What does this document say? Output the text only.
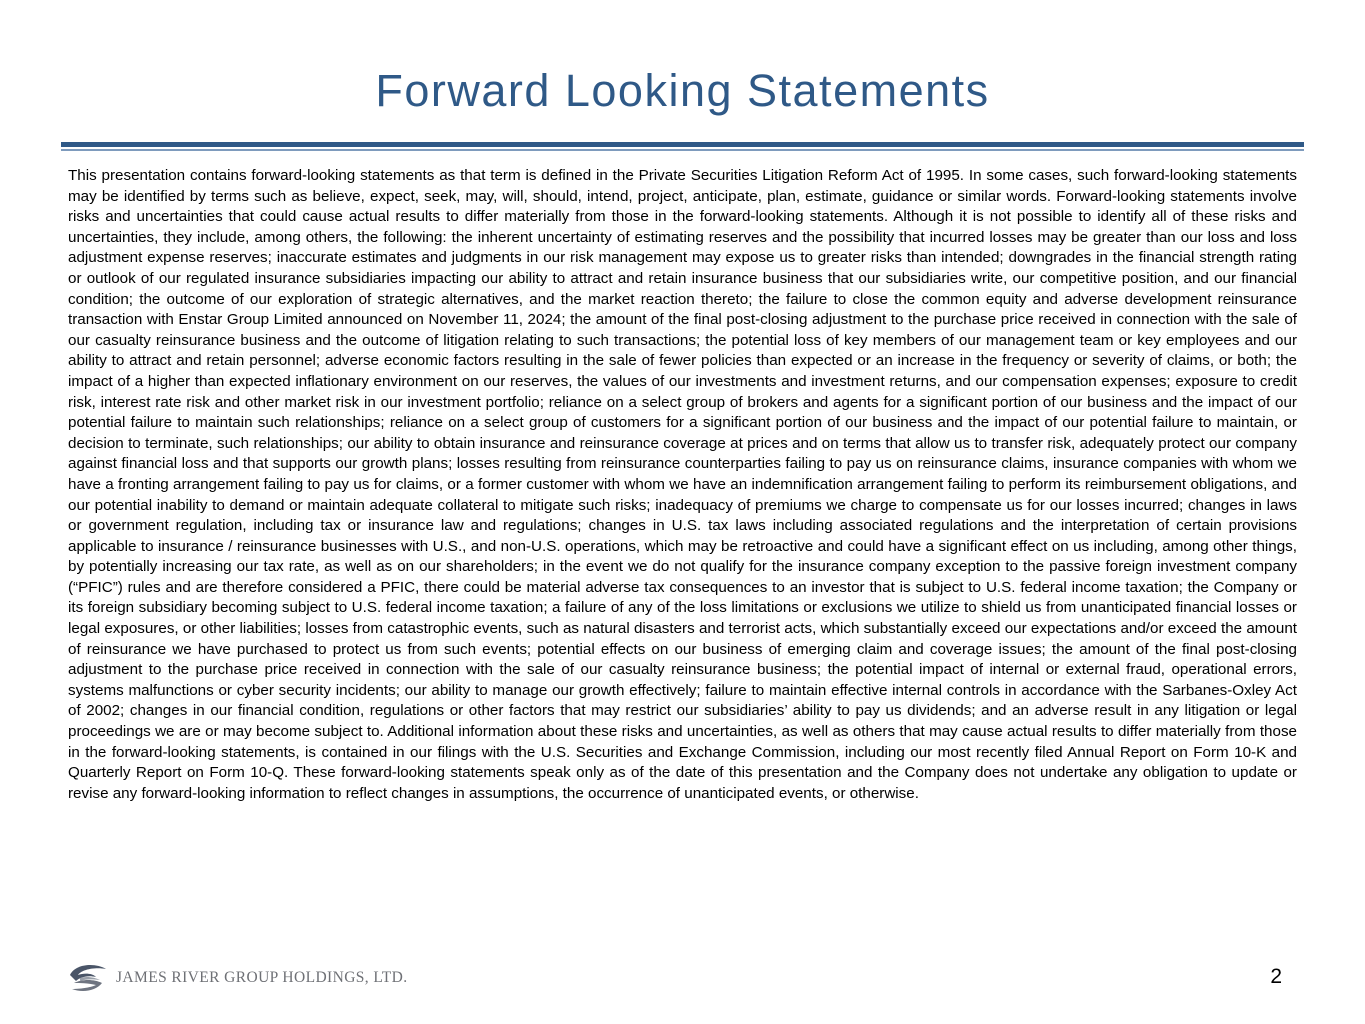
Forward Looking Statements

This presentation contains forward-looking statements as that term is defined in the Private Securities Litigation Reform Act of 1995. In some cases, such forward-looking statements may be identified by terms such as believe, expect, seek, may, will, should, intend, project, anticipate, plan, estimate, guidance or similar words. Forward-looking statements involve risks and uncertainties that could cause actual results to differ materially from those in the forward-looking statements. Although it is not possible to identify all of these risks and uncertainties, they include, among others, the following: the inherent uncertainty of estimating reserves and the possibility that incurred losses may be greater than our loss and loss adjustment expense reserves; inaccurate estimates and judgments in our risk management may expose us to greater risks than intended; downgrades in the financial strength rating or outlook of our regulated insurance subsidiaries impacting our ability to attract and retain insurance business that our subsidiaries write, our competitive position, and our financial condition; the outcome of our exploration of strategic alternatives, and the market reaction thereto; the failure to close the common equity and adverse development reinsurance transaction with Enstar Group Limited announced on November 11, 2024; the amount of the final post-closing adjustment to the purchase price received in connection with the sale of our casualty reinsurance business and the outcome of litigation relating to such transactions; the potential loss of key members of our management team or key employees and our ability to attract and retain personnel; adverse economic factors resulting in the sale of fewer policies than expected or an increase in the frequency or severity of claims, or both; the impact of a higher than expected inflationary environment on our reserves, the values of our investments and investment returns, and our compensation expenses; exposure to credit risk, interest rate risk and other market risk in our investment portfolio; reliance on a select group of brokers and agents for a significant portion of our business and the impact of our potential failure to maintain such relationships; reliance on a select group of customers for a significant portion of our business and the impact of our potential failure to maintain, or decision to terminate, such relationships; our ability to obtain insurance and reinsurance coverage at prices and on terms that allow us to transfer risk, adequately protect our company against financial loss and that supports our growth plans; losses resulting from reinsurance counterparties failing to pay us on reinsurance claims, insurance companies with whom we have a fronting arrangement failing to pay us for claims, or a former customer with whom we have an indemnification arrangement failing to perform its reimbursement obligations, and our potential inability to demand or maintain adequate collateral to mitigate such risks; inadequacy of premiums we charge to compensate us for our losses incurred; changes in laws or government regulation, including tax or insurance law and regulations; changes in U.S. tax laws including associated regulations and the interpretation of certain provisions applicable to insurance / reinsurance businesses with U.S., and non-U.S. operations, which may be retroactive and could have a significant effect on us including, among other things, by potentially increasing our tax rate, as well as on our shareholders; in the event we do not qualify for the insurance company exception to the passive foreign investment company (“PFIC”) rules and are therefore considered a PFIC, there could be material adverse tax consequences to an investor that is subject to U.S. federal income taxation; the Company or its foreign subsidiary becoming subject to U.S. federal income taxation; a failure of any of the loss limitations or exclusions we utilize to shield us from unanticipated financial losses or legal exposures, or other liabilities; losses from catastrophic events, such as natural disasters and terrorist acts, which substantially exceed our expectations and/or exceed the amount of reinsurance we have purchased to protect us from such events; potential effects on our business of emerging claim and coverage issues; the amount of the final post-closing adjustment to the purchase price received in connection with the sale of our casualty reinsurance business; the potential impact of internal or external fraud, operational errors, systems malfunctions or cyber security incidents; our ability to manage our growth effectively; failure to maintain effective internal controls in accordance with the Sarbanes-Oxley Act of 2002; changes in our financial condition, regulations or other factors that may restrict our subsidiaries’ ability to pay us dividends; and an adverse result in any litigation or legal proceedings we are or may become subject to. Additional information about these risks and uncertainties, as well as others that may cause actual results to differ materially from those in the forward-looking statements, is contained in our filings with the U.S. Securities and Exchange Commission, including our most recently filed Annual Report on Form 10-K and Quarterly Report on Form 10-Q. These forward-looking statements speak only as of the date of this presentation and the Company does not undertake any obligation to update or revise any forward-looking information to reflect changes in assumptions, the occurrence of unanticipated events, or otherwise.

JAMES RIVER GROUP HOLDINGS, LTD.	2
